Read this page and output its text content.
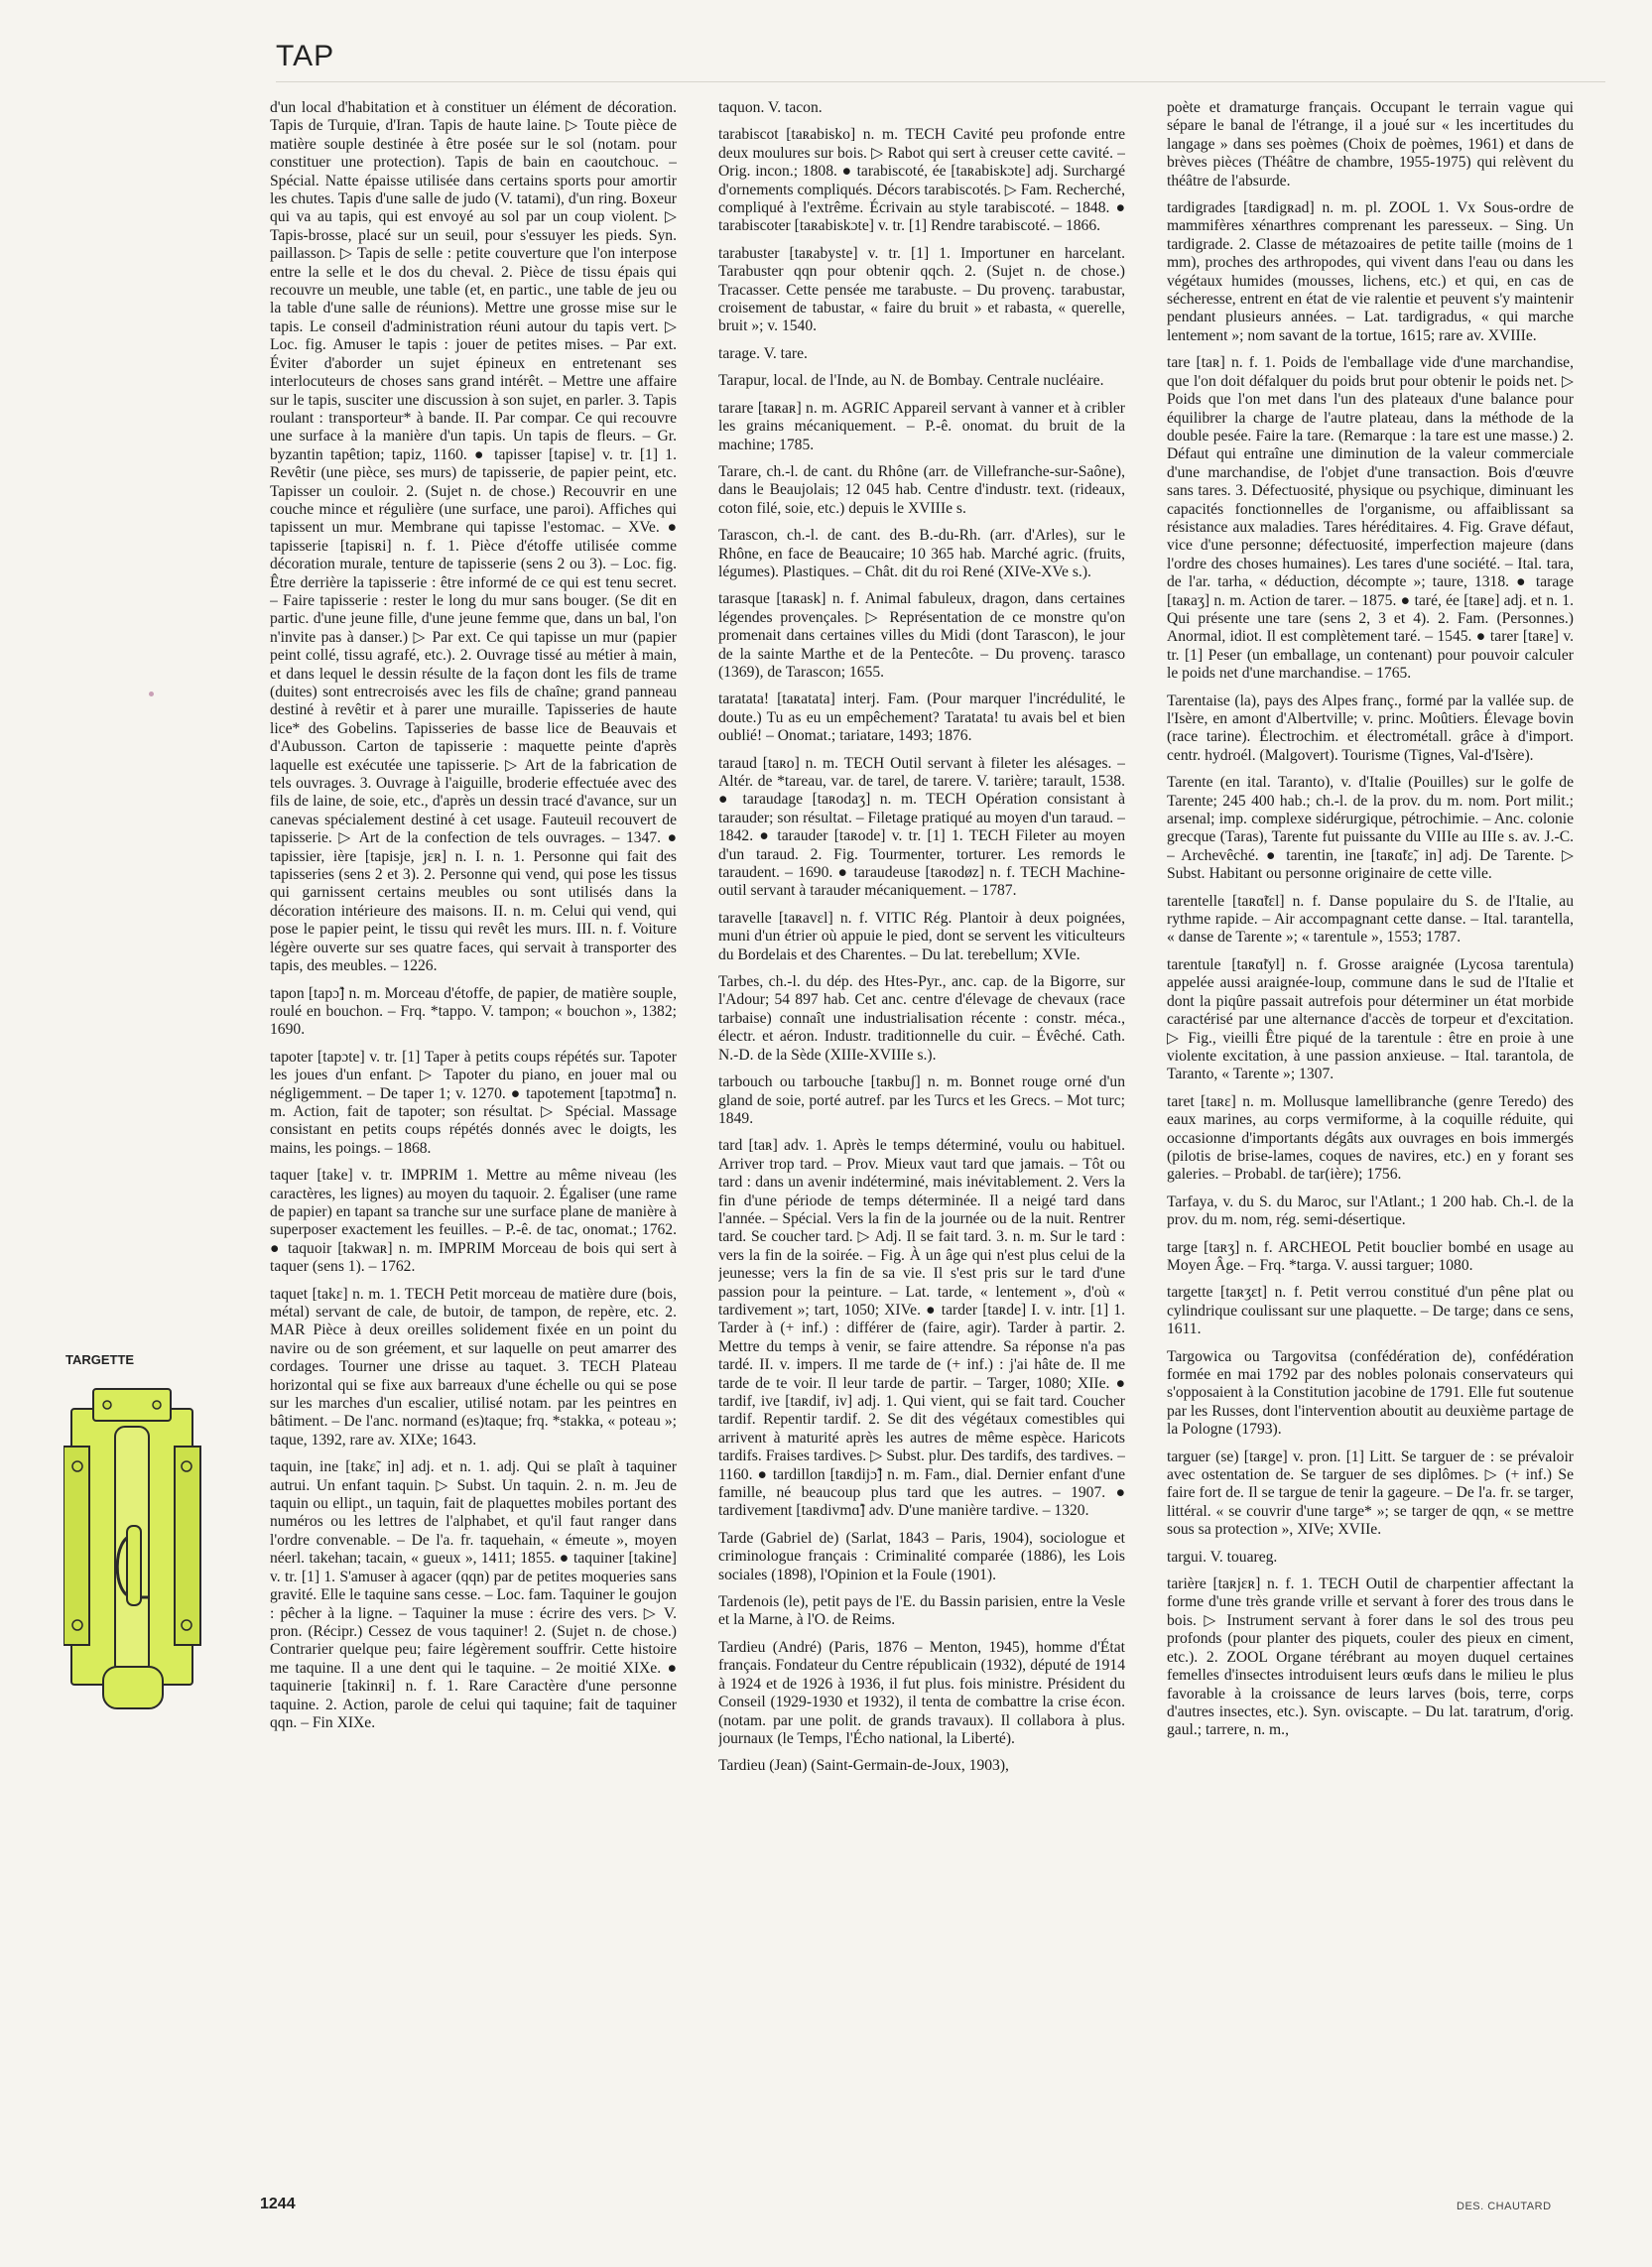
TAP
TARGETTE

d'un local d'habitation et à constituer un élément de décoration. Tapis de Turquie, d'Iran. Tapis de haute laine. ▷ Toute pièce de matière souple destinée à être posée sur le sol (notam. pour constituer une protection). Tapis de bain en caoutchouc. – Spécial. Natte épaisse utilisée dans certains sports pour amortir les chutes. Tapis d'une salle de judo (V. tatami), d'un ring. Boxeur qui va au tapis, qui est envoyé au sol par un coup violent. ▷ Tapis-brosse, placé sur un seuil, pour s'essuyer les pieds. Syn. paillasson. ▷ Tapis de selle : petite couverture que l'on interpose entre la selle et le dos du cheval. 2. Pièce de tissu épais qui recouvre un meuble, une table (et, en partic., une table de jeu ou la table d'une salle de réunions). Mettre une grosse mise sur le tapis. Le conseil d'administration réuni autour du tapis vert. ▷ Loc. fig. Amuser le tapis : jouer de petites mises. – Par ext. Éviter d'aborder un sujet épineux en entretenant ses interlocuteurs de choses sans grand intérêt. – Mettre une affaire sur le tapis, susciter une discussion à son sujet, en parler. 3. Tapis roulant : transporteur* à bande. II. Par compar. Ce qui recouvre une surface à la manière d'un tapis. Un tapis de fleurs. – Gr. byzantin tapêtion; tapiz, 1160. ● tapisser [tapise] v. tr. [1] 1. Revêtir (une pièce, ses murs) de tapisserie, de papier peint, etc. Tapisser un couloir. 2. (Sujet n. de chose.) Recouvrir en une couche mince et régulière (une surface, une paroi). Affiches qui tapissent un mur. Membrane qui tapisse l'estomac. – XVe. ● tapisserie [tapisʀi] n. f. 1. Pièce d'étoffe utilisée comme décoration murale, tenture de tapisserie (sens 2 ou 3). – Loc. fig. Être derrière la tapisserie : être informé de ce qui est tenu secret. – Faire tapisserie : rester le long du mur sans bouger. (Se dit en partic. d'une jeune fille, d'une jeune femme que, dans un bal, l'on n'invite pas à danser.) ▷ Par ext. Ce qui tapisse un mur (papier peint collé, tissu agrafé, etc.). 2. Ouvrage tissé au métier à main, et dans lequel le dessin résulte de la façon dont les fils de trame (duites) sont entrecroisés avec les fils de chaîne; grand panneau destiné à revêtir et à parer une muraille. Tapisseries de haute lice* des Gobelins. Tapisseries de basse lice de Beauvais et d'Aubusson. Carton de tapisserie : maquette peinte d'après laquelle est exécutée une tapisserie. ▷ Art de la fabrication de tels ouvrages. 3. Ouvrage à l'aiguille, broderie effectuée avec des fils de laine, de soie, etc., d'après un dessin tracé d'avance, sur un canevas spécialement destiné à cet usage. Fauteuil recouvert de tapisserie. ▷ Art de la confection de tels ouvrages. – 1347. ● tapissier, ière [tapisje, jɛʀ] n. I. n. 1. Personne qui fait des tapisseries (sens 2 et 3). 2. Personne qui vend, qui pose les tissus qui garnissent certains meubles ou sont utilisés dans la décoration intérieure des maisons. II. n. m. Celui qui vend, qui pose le papier peint, le tissu qui revêt les murs. III. n. f. Voiture légère ouverte sur ses quatre faces, qui servait à transporter des tapis, des meubles. – 1226.

tapon [tapɔ̃] n. m. Morceau d'étoffe, de papier, de matière souple, roulé en bouchon. – Frq. *tappo. V. tampon; « bouchon », 1382; 1690.

tapoter [tapɔte] v. tr. [1] Taper à petits coups répétés sur. Tapoter les joues d'un enfant. ▷ Tapoter du piano, en jouer mal ou négligemment. – De taper 1; v. 1270. ● tapotement [tapɔtmɑ̃] n. m. Action, fait de tapoter; son résultat. ▷ Spécial. Massage consistant en petits coups répétés donnés avec le doigts, les mains, les poings. – 1868.

taquer [take] v. tr. IMPRIM 1. Mettre au même niveau (les caractères, les lignes) au moyen du taquoir. 2. Égaliser (une rame de papier) en tapant sa tranche sur une surface plane de manière à superposer exactement les feuilles. – P.-ê. de tac, onomat.; 1762. ● taquoir [takwaʀ] n. m. IMPRIM Morceau de bois qui sert à taquer (sens 1). – 1762.

taquet [takɛ] n. m. 1. TECH Petit morceau de matière dure (bois, métal) servant de cale, de butoir, de tampon, de repère, etc. 2. MAR Pièce à deux oreilles solidement fixée en un point du navire ou de son gréement, et sur laquelle on peut amarrer des cordages. Tourner une drisse au taquet. 3. TECH Plateau horizontal qui se fixe aux barreaux d'une échelle ou qui se pose sur les marches d'un escalier, utilisé notam. par les peintres en bâtiment. – De l'anc. normand (es)taque; frq. *stakka, « poteau »; taque, 1392, rare av. XIXe; 1643.

taquin, ine [takɛ̃, in] adj. et n. 1. adj. Qui se plaît à taquiner autrui. Un enfant taquin. ▷ Subst. Un taquin. 2. n. m. Jeu de taquin ou ellipt., un taquin, fait de plaquettes mobiles portant des numéros ou les lettres de l'alphabet, et qu'il faut ranger dans l'ordre convenable. – De l'a. fr. taquehain, « émeute », moyen néerl. takehan; tacain, « gueux », 1411; 1855. ● taquiner [takine] v. tr. [1] 1. S'amuser à agacer (qqn) par de petites moqueries sans gravité. Elle le taquine sans cesse. – Loc. fam. Taquiner le goujon : pêcher à la ligne. – Taquiner la muse : écrire des vers. ▷ V. pron. (Récipr.) Cessez de vous taquiner! 2. (Sujet n. de chose.) Contrarier quelque peu; faire légèrement souffrir. Cette histoire me taquine. Il a une dent qui le taquine. – 2e moitié XIXe. ● taquinerie [takinʀi] n. f. 1. Rare Caractère d'une personne taquine. 2. Action, parole de celui qui taquine; fait de taquiner qqn. – Fin XIXe.

taquon. V. tacon.

tarabiscot [taʀabisko] n. m. TECH Cavité peu profonde entre deux moulures sur bois. ▷ Rabot qui sert à creuser cette cavité. – Orig. incon.; 1808. ● tarabiscoté, ée [taʀabiskɔte] adj. Surchargé d'ornements compliqués. Décors tarabiscotés. ▷ Fam. Recherché, compliqué à l'extrême. Écrivain au style tarabiscoté. – 1848. ● tarabiscoter [taʀabiskɔte] v. tr. [1] Rendre tarabiscoté. – 1866.

tarabuster [taʀabyste] v. tr. [1] 1. Importuner en harcelant. Tarabuster qqn pour obtenir qqch. 2. (Sujet n. de chose.) Tracasser. Cette pensée me tarabuste. – Du provenç. tarabustar, croisement de tabustar, « faire du bruit » et rabasta, « querelle, bruit »; v. 1540.

tarage. V. tare.

Tarapur, local. de l'Inde, au N. de Bombay. Centrale nucléaire.

tarare [taʀaʀ] n. m. AGRIC Appareil servant à vanner et à cribler les grains mécaniquement. – P.-ê. onomat. du bruit de la machine; 1785.

Tarare, ch.-l. de cant. du Rhône (arr. de Villefranche-sur-Saône), dans le Beaujolais; 12 045 hab. Centre d'industr. text. (rideaux, coton filé, soie, etc.) depuis le XVIIIe s.

Tarascon, ch.-l. de cant. des B.-du-Rh. (arr. d'Arles), sur le Rhône, en face de Beaucaire; 10 365 hab. Marché agric. (fruits, légumes). Plastiques. – Chât. dit du roi René (XIVe-XVe s.).

tarasque [taʀask] n. f. Animal fabuleux, dragon, dans certaines légendes provençales. ▷ Représentation de ce monstre qu'on promenait dans certaines villes du Midi (dont Tarascon), le jour de la sainte Marthe et de la Pentecôte. – Du provenç. tarasco (1369), de Tarascon; 1655.

taratata! [taʀatata] interj. Fam. (Pour marquer l'incrédulité, le doute.) Tu as eu un empêchement? Taratata! tu avais bel et bien oublié! – Onomat.; tariatare, 1493; 1876.

taraud [taʀo] n. m. TECH Outil servant à fileter les alésages. – Altér. de *tareau, var. de tarel, de tarere. V. tarière; tarault, 1538. ● taraudage [taʀodaʒ] n. m. TECH Opération consistant à tarauder; son résultat. – Filetage pratiqué au moyen d'un taraud. – 1842. ● tarauder [taʀode] v. tr. [1] 1. TECH Fileter au moyen d'un taraud. 2. Fig. Tourmenter, torturer. Les remords le taraudent. – 1690. ● taraudeuse [taʀodøz] n. f. TECH Machine-outil servant à tarauder mécaniquement. – 1787.

taravelle [taʀavɛl] n. f. VITIC Rég. Plantoir à deux poignées, muni d'un étrier où appuie le pied, dont se servent les viticulteurs du Bordelais et des Charentes. – Du lat. terebellum; XVIe.

Tarbes, ch.-l. du dép. des Htes-Pyr., anc. cap. de la Bigorre, sur l'Adour; 54 897 hab. Cet anc. centre d'élevage de chevaux (race tarbaise) connaît une industrialisation récente : constr. méca., électr. et aéron. Industr. traditionnelle du cuir. – Évêché. Cath. N.-D. de la Sède (XIIIe-XVIIIe s.).

tarbouch ou tarbouche [taʀbuʃ] n. m. Bonnet rouge orné d'un gland de soie, porté autref. par les Turcs et les Grecs. – Mot turc; 1849.

tard [taʀ] adv. 1. Après le temps déterminé, voulu ou habituel. Arriver trop tard. – Prov. Mieux vaut tard que jamais. – Tôt ou tard : dans un avenir indéterminé, mais inévitablement. 2. Vers la fin d'une période de temps déterminée. Il a neigé tard dans l'année. – Spécial. Vers la fin de la journée ou de la nuit. Rentrer tard. Se coucher tard. ▷ Adj. Il se fait tard. 3. n. m. Sur le tard : vers la fin de la soirée. – Fig. À un âge qui n'est plus celui de la jeunesse; vers la fin de sa vie. Il s'est pris sur le tard d'une passion pour la peinture. – Lat. tarde, « lentement », d'où « tardivement »; tart, 1050; XIVe. ● tarder [taʀde] I. v. intr. [1] 1. Tarder à (+ inf.) : différer de (faire, agir). Tarder à partir. 2. Mettre du temps à venir, se faire attendre. Sa réponse n'a pas tardé. II. v. impers. Il me tarde de (+ inf.) : j'ai hâte de. Il me tarde de te voir. Il leur tarde de partir. – Targer, 1080; XIIe. ● tardif, ive [taʀdif, iv] adj. 1. Qui vient, qui se fait tard. Coucher tardif. Repentir tardif. 2. Se dit des végétaux comestibles qui arrivent à maturité après les autres de même espèce. Haricots tardifs. Fraises tardives. ▷ Subst. plur. Des tardifs, des tardives. – 1160. ● tardillon [taʀdijɔ̃] n. m. Fam., dial. Dernier enfant d'une famille, né beaucoup plus tard que les autres. – 1907. ● tardivement [taʀdivmɑ̃] adv. D'une manière tardive. – 1320.

Tarde (Gabriel de) (Sarlat, 1843 – Paris, 1904), sociologue et criminologue français : Criminalité comparée (1886), les Lois sociales (1898), l'Opinion et la Foule (1901).

Tardenois (le), petit pays de l'E. du Bassin parisien, entre la Vesle et la Marne, à l'O. de Reims.

Tardieu (André) (Paris, 1876 – Menton, 1945), homme d'État français. Fondateur du Centre républicain (1932), député de 1914 à 1924 et de 1926 à 1936, il fut plus. fois ministre. Président du Conseil (1929-1930 et 1932), il tenta de combattre la crise écon. (notam. par une polit. de grands travaux). Il collabora à plus. journaux (le Temps, l'Écho national, la Liberté).

Tardieu (Jean) (Saint-Germain-de-Joux, 1903),

poète et dramaturge français. Occupant le terrain vague qui sépare le banal de l'étrange, il a joué sur « les incertitudes du langage » dans ses poèmes (Choix de poèmes, 1961) et dans de brèves pièces (Théâtre de chambre, 1955-1975) qui relèvent du théâtre de l'absurde.

tardigrades [taʀdigʀad] n. m. pl. ZOOL 1. Vx Sous-ordre de mammifères xénarthres comprenant les paresseux. – Sing. Un tardigrade. 2. Classe de métazoaires de petite taille (moins de 1 mm), proches des arthropodes, qui vivent dans l'eau ou dans les végétaux humides (mousses, lichens, etc.) et qui, en cas de sécheresse, entrent en état de vie ralentie et peuvent s'y maintenir pendant plusieurs années. – Lat. tardigradus, « qui marche lentement »; nom savant de la tortue, 1615; rare av. XVIIIe.

tare [taʀ] n. f. 1. Poids de l'emballage vide d'une marchandise, que l'on doit défalquer du poids brut pour obtenir le poids net. ▷ Poids que l'on met dans l'un des plateaux d'une balance pour équilibrer la charge de l'autre plateau, dans la méthode de la double pesée. Faire la tare. (Remarque : la tare est une masse.) 2. Défaut qui entraîne une diminution de la valeur commerciale d'une marchandise, de l'objet d'une transaction. Bois d'œuvre sans tares. 3. Défectuosité, physique ou psychique, diminuant les capacités fonctionnelles de l'organisme, ou affaiblissant sa résistance aux maladies. Tares héréditaires. 4. Fig. Grave défaut, vice d'une personne; défectuosité, imperfection majeure (dans l'ordre des choses humaines). Les tares d'une société. – Ital. tara, de l'ar. tarha, « déduction, décompte »; taure, 1318. ● tarage [taʀaʒ] n. m. Action de tarer. – 1875. ● taré, ée [taʀe] adj. et n. 1. Qui présente une tare (sens 2, 3 et 4). 2. Fam. (Personnes.) Anormal, idiot. Il est complètement taré. – 1545. ● tarer [taʀe] v. tr. [1] Peser (un emballage, un contenant) pour pouvoir calculer le poids net d'une marchandise. – 1765.

Tarentaise (la), pays des Alpes franç., formé par la vallée sup. de l'Isère, en amont d'Albertville; v. princ. Moûtiers. Élevage bovin (race tarine). Électrochim. et électrométall. grâce à d'import. centr. hydroél. (Malgovert). Tourisme (Tignes, Val-d'Isère).

Tarente (en ital. Taranto), v. d'Italie (Pouilles) sur le golfe de Tarente; 245 400 hab.; ch.-l. de la prov. du m. nom. Port milit.; arsenal; imp. complexe sidérurgique, pétrochimie. – Anc. colonie grecque (Taras), Tarente fut puissante du VIIIe au IIIe s. av. J.-C. – Archevêché. ● tarentin, ine [taʀɑ̃tɛ̃, in] adj. De Tarente. ▷ Subst. Habitant ou personne originaire de cette ville.

tarentelle [taʀɑ̃tɛl] n. f. Danse populaire du S. de l'Italie, au rythme rapide. – Air accompagnant cette danse. – Ital. tarantella, « danse de Tarente »; « tarentule », 1553; 1787.

tarentule [taʀɑ̃tyl] n. f. Grosse araignée (Lycosa tarentula) appelée aussi araignée-loup, commune dans le sud de l'Italie et dont la piqûre passait autrefois pour déterminer un état morbide caractérisé par une alternance d'accès de torpeur et d'excitation. ▷ Fig., vieilli Être piqué de la tarentule : être en proie à une violente excitation, à une passion anxieuse. – Ital. tarantola, de Taranto, « Tarente »; 1307.

taret [taʀɛ] n. m. Mollusque lamellibranche (genre Teredo) des eaux marines, au corps vermiforme, à la coquille réduite, qui occasionne d'importants dégâts aux ouvrages en bois immergés (pilotis de brise-lames, coques de navires, etc.) en y forant ses galeries. – Probabl. de tar(ière); 1756.

Tarfaya, v. du S. du Maroc, sur l'Atlant.; 1 200 hab. Ch.-l. de la prov. du m. nom, rég. semi-désertique.

targe [taʀʒ] n. f. ARCHEOL Petit bouclier bombé en usage au Moyen Âge. – Frq. *targa. V. aussi targuer; 1080.

targette [taʀʒɛt] n. f. Petit verrou constitué d'un pêne plat ou cylindrique coulissant sur une plaquette. – De targe; dans ce sens, 1611.

Targowica ou Targovitsa (confédération de), confédération formée en mai 1792 par des nobles polonais conservateurs qui s'opposaient à la Constitution jacobine de 1791. Elle fut soutenue par les Russes, dont l'intervention aboutit au deuxième partage de la Pologne (1793).

targuer (se) [taʀge] v. pron. [1] Litt. Se targuer de : se prévaloir avec ostentation de. Se targuer de ses diplômes. ▷ (+ inf.) Se faire fort de. Il se targue de tenir la gageure. – De l'a. fr. se targer, littéral. « se couvrir d'une targe* »; se targer de qqn, « se mettre sous sa protection », XIVe; XVIIe.

targui. V. touareg.

tarière [taʀjɛʀ] n. f. 1. TECH Outil de charpentier affectant la forme d'une très grande vrille et servant à forer des trous dans le bois. ▷ Instrument servant à forer dans le sol des trous peu profonds (pour planter des piquets, couler des pieux en ciment, etc.). 2. ZOOL Organe térébrant au moyen duquel certaines femelles d'insectes introduisent leurs œufs dans le milieu le plus favorable à la croissance de leurs larves (bois, terre, corps d'autres insectes, etc.). Syn. oviscapte. – Du lat. taratrum, d'orig. gaul.; tarrere, n. m.,

1244	DES. CHAUTARD
